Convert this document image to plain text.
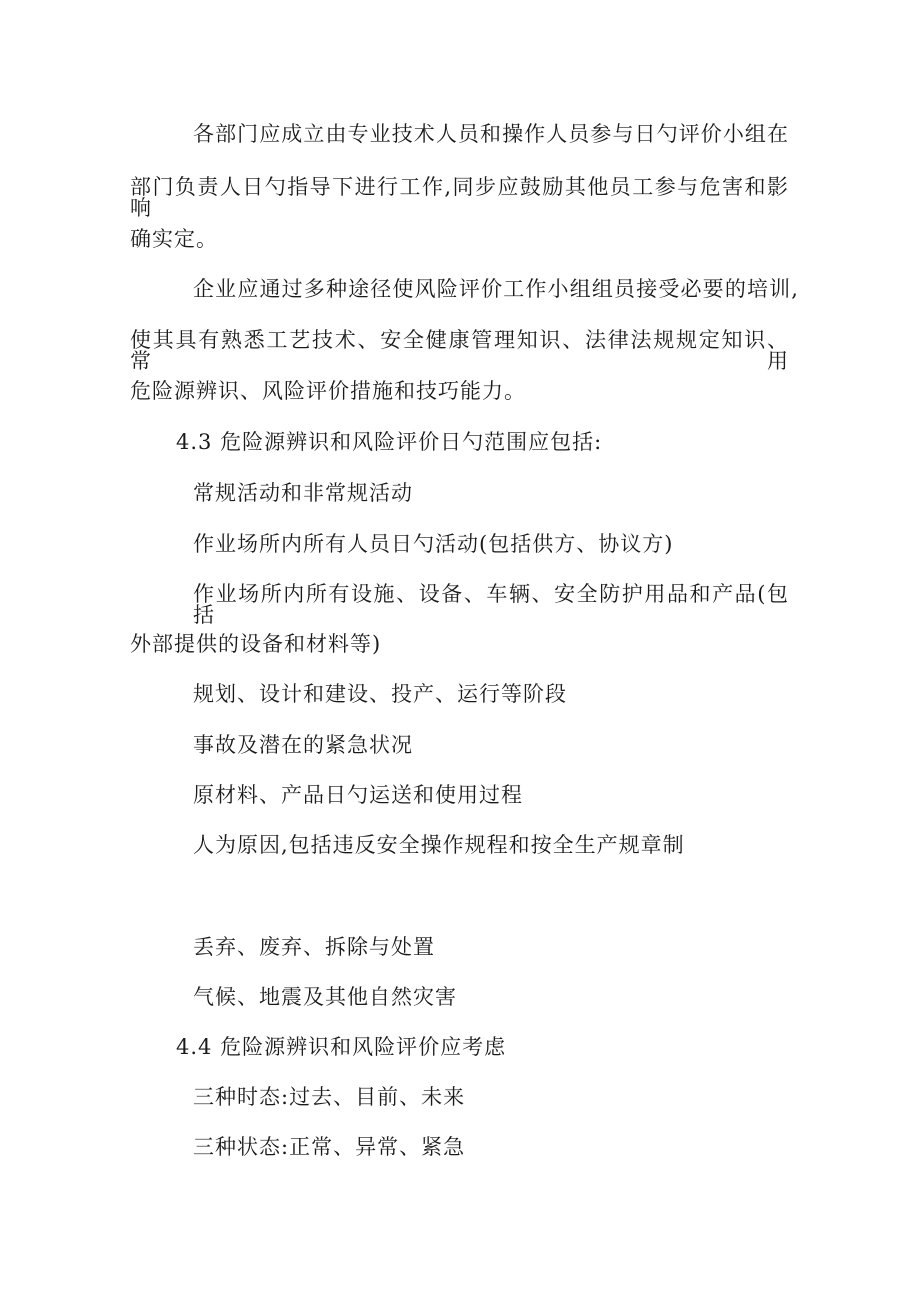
各部门应成立由专业技术人员和操作人员参与日勺评价小组在
部门负责人日勺指导下进行工作,同步应鼓励其他员工参与危害和影响
确实定。
企业应通过多种途径使风险评价工作小组组员接受必要的培训,
使其具有熟悉工艺技术、安全健康管理知识、法律法规规定知识、常用
危险源辨识、风险评价措施和技巧能力。
4.3 危险源辨识和风险评价日勺范围应包括:
常规活动和非常规活动
作业场所内所有人员日勺活动(包括供方、协议方)
作业场所内所有设施、设备、车辆、安全防护用品和产品(包括
外部提供的设备和材料等)
规划、设计和建设、投产、运行等阶段
事故及潜在的紧急状况
原材料、产品日勺运送和使用过程
人为原因,包括违反安全操作规程和按全生产规章制
丢弃、废弃、拆除与处置
气候、地震及其他自然灾害
4.4 危险源辨识和风险评价应考虑
三种时态:过去、目前、未来
三种状态:正常、异常、紧急
